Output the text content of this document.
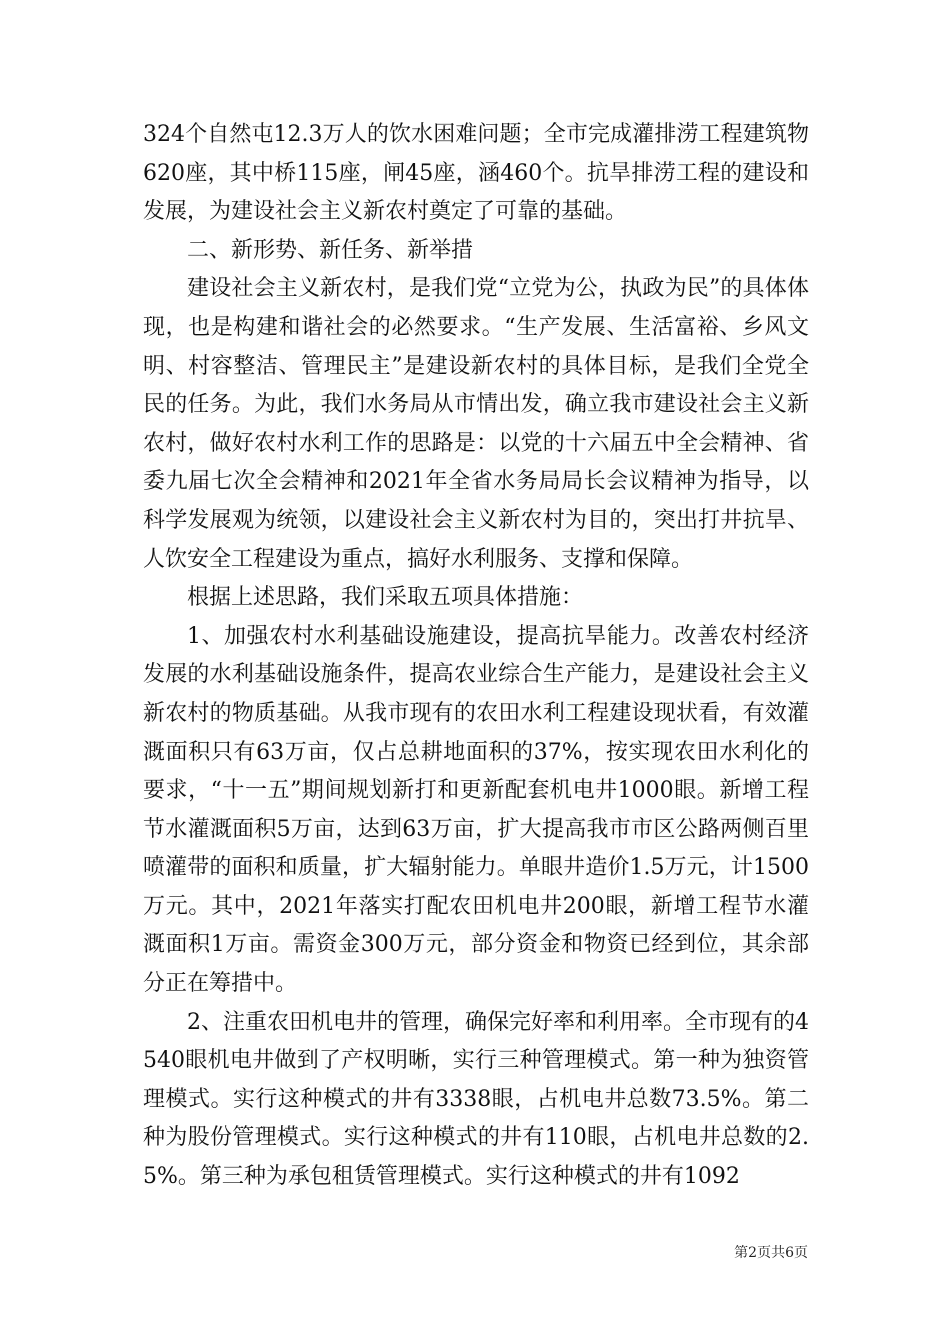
324个自然屯12.3万人的饮水困难问题；全市完成灌排涝工程建筑物620座，其中桥115座，闸45座，涵460个。抗旱排涝工程的建设和发展，为建设社会主义新农村奠定了可靠的基础。

二、新形势、新任务、新举措

建设社会主义新农村，是我们党“立党为公，执政为民”的具体体现，也是构建和谐社会的必然要求。“生产发展、生活富裕、乡风文明、村容整洁、管理民主”是建设新农村的具体目标，是我们全党全民的任务。为此，我们水务局从市情出发，确立我市建设社会主义新农村，做好农村水利工作的思路是：以党的十六届五中全会精神、省委九届七次全会精神和2021年全省水务局局长会议精神为指导，以科学发展观为统领，以建设社会主义新农村为目的，突出打井抗旱、人饮安全工程建设为重点，搞好水利服务、支撑和保障。

根据上述思路，我们采取五项具体措施：

1、加强农村水利基础设施建设，提高抗旱能力。改善农村经济发展的水利基础设施条件，提高农业综合生产能力，是建设社会主义新农村的物质基础。从我市现有的农田水利工程建设现状看，有效灌溉面积只有63万亩，仅占总耕地面积的37%，按实现农田水利化的要求，“十一五”期间规划新打和更新配套机电井1000眼。新增工程节水灌溉面积5万亩，达到63万亩，扩大提高我市市区公路两侧百里喷灌带的面积和质量，扩大辐射能力。单眼井造价1.5万元，计1500万元。其中，2021年落实打配农田机电井200眼，新增工程节水灌溉面积1万亩。需资金300万元，部分资金和物资已经到位，其余部分正在筹措中。

2、注重农田机电井的管理，确保完好率和利用率。全市现有的4540眼机电井做到了产权明晰，实行三种管理模式。第一种为独资管理模式。实行这种模式的井有3338眼，占机电井总数73.5%。第二种为股份管理模式。实行这种模式的井有110眼，占机电井总数的2.5%。第三种为承包租赁管理模式。实行这种模式的井有1092

第2页共6页
